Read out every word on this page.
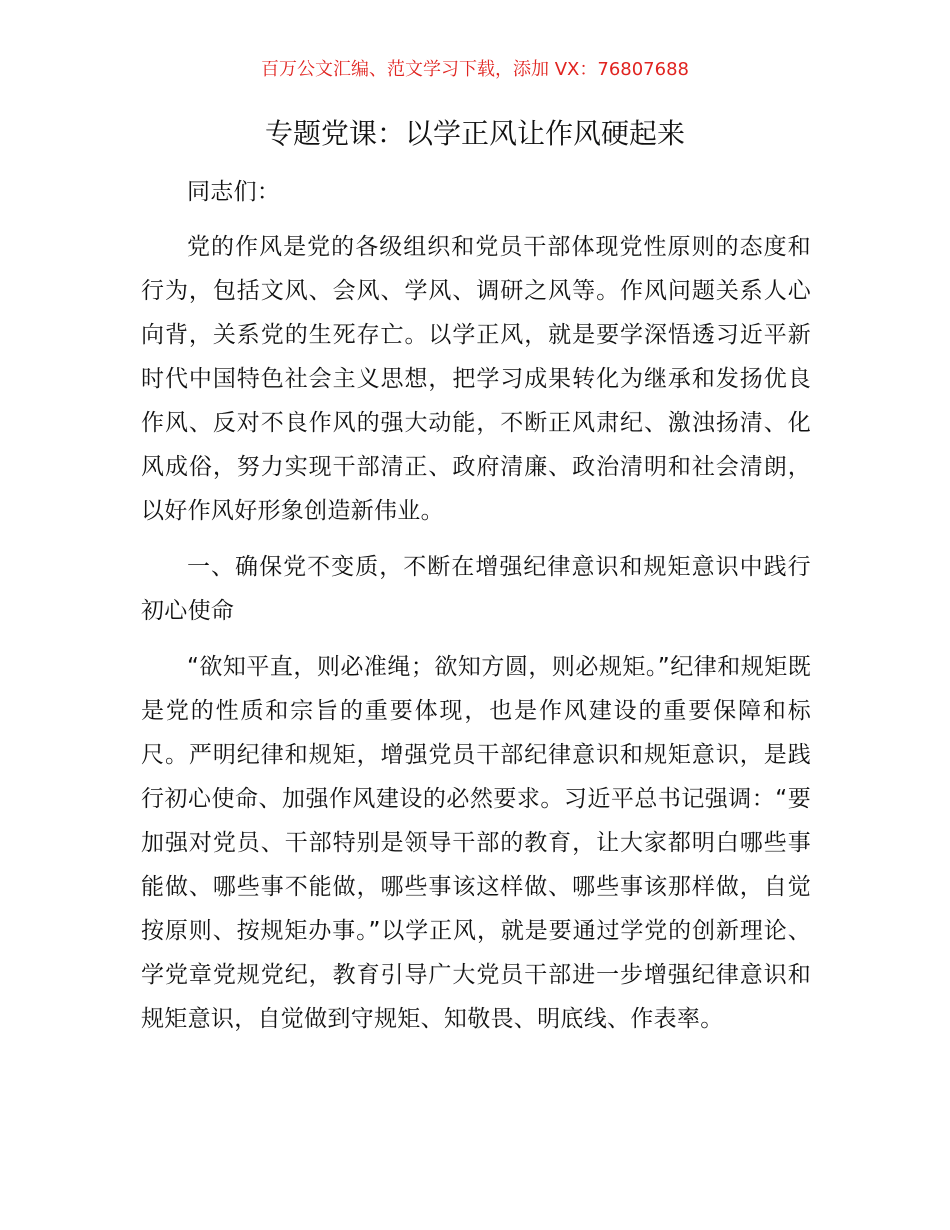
百万公文汇编、范文学习下载，添加 VX：76807688
专题党课：以学正风让作风硬起来

同志们：

党的作风是党的各级组织和党员干部体现党性原则的态度和行为，包括文风、会风、学风、调研之风等。作风问题关系人心向背，关系党的生死存亡。以学正风，就是要学深悟透习近平新时代中国特色社会主义思想，把学习成果转化为继承和发扬优良作风、反对不良作风的强大动能，不断正风肃纪、激浊扬清、化风成俗，努力实现干部清正、政府清廉、政治清明和社会清朗，以好作风好形象创造新伟业。

一、确保党不变质，不断在增强纪律意识和规矩意识中践行初心使命

“欲知平直，则必准绳；欲知方圆，则必规矩。”纪律和规矩既是党的性质和宗旨的重要体现，也是作风建设的重要保障和标尺。严明纪律和规矩，增强党员干部纪律意识和规矩意识，是践行初心使命、加强作风建设的必然要求。习近平总书记强调：“要加强对党员、干部特别是领导干部的教育，让大家都明白哪些事能做、哪些事不能做，哪些事该这样做、哪些事该那样做，自觉按原则、按规矩办事。”以学正风，就是要通过学党的创新理论、学党章党规党纪，教育引导广大党员干部进一步增强纪律意识和规矩意识，自觉做到守规矩、知敬畏、明底线、作表率。
